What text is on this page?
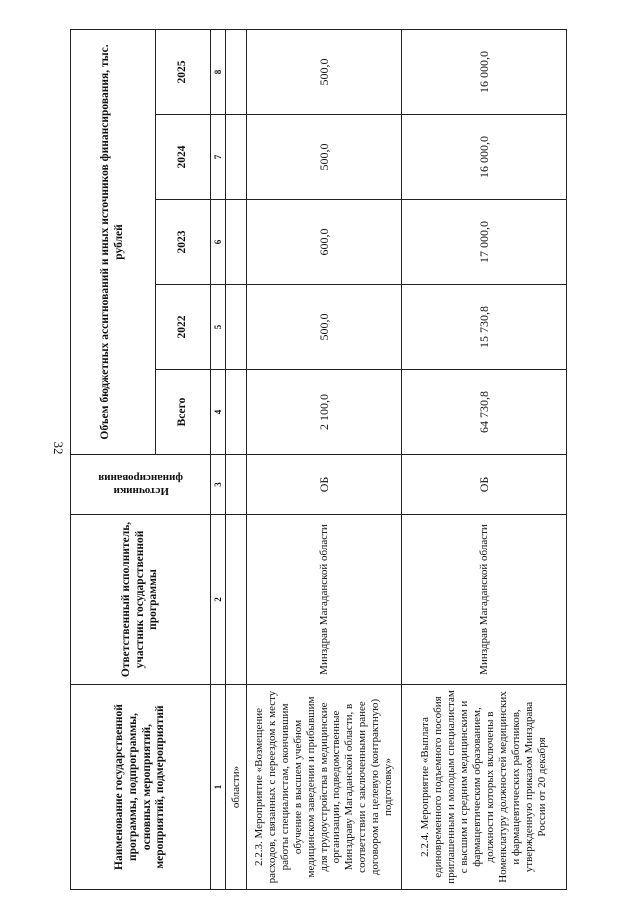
32
Наименование государственной программы, подпрограммы, основных мероприятий, мероприятий, подмероприятий	Ответственный исполнитель, участник государственной программы	Источники финансирования	Объем бюджетных ассигнований и иных источников финансирования, тыс. рублей				
			Всего	2022	2023	2024	2025
1	2	3	4	5	6	7	8
области»							
2.2.3. Мероприятие «Возмещение расходов, связанных с переездом к месту работы специалистам, окончившим обучение в высшем учебном медицинском заведении и прибывшим для трудоустройства в медицинские организации, подведомственные Минздраву Магаданской области, в соответствии с заключенными ранее договором на целевую (контрактную) подготовку»	Минздрав Магаданской области	ОБ	2 100,0	500,0	600,0	500,0	500,0
2.2.4. Мероприятие «Выплата единовременного подъемного пособия приглашенным и молодым специалистам с высшим и средним медицинским и фармацевтическим образованием, должности которых включены в Номенклатуру должностей медицинских и фармацевтических работников, утвержденную приказом Минздрава России от 20 декабря	Минздрав Магаданской области	ОБ	64 730,8	15 730,8	17 000,0	16 000,0	16 000,0
